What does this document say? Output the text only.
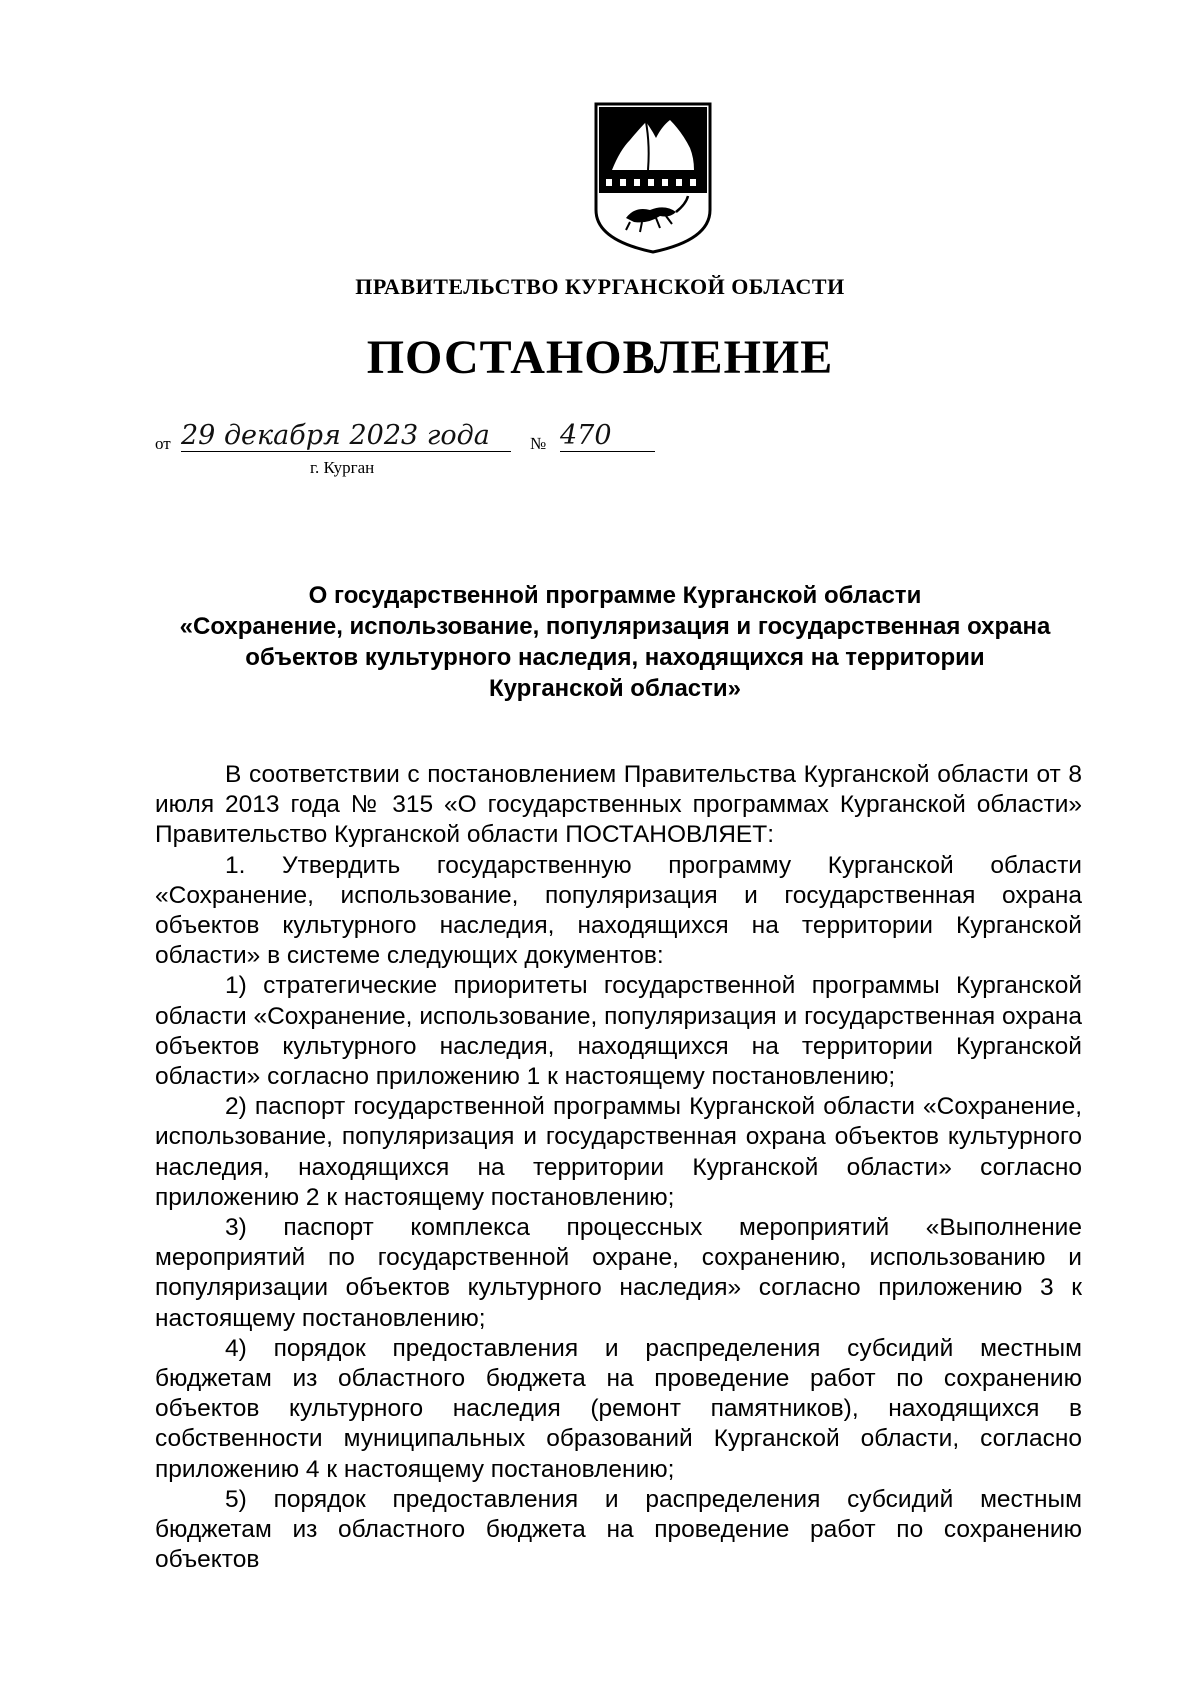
ПРАВИТЕЛЬСТВО КУРГАНСКОЙ ОБЛАСТИ
ПОСТАНОВЛЕНИЕ
от 29 декабря 2023 года	№ 470
г. Курган
О государственной программе Курганской области
«Сохранение, использование, популяризация и государственная охрана
объектов культурного наследия, находящихся на территории
Курганской области»

В соответствии с постановлением Правительства Курганской области от 8 июля 2013 года № 315 «О государственных программах Курганской области» Правительство Курганской области ПОСТАНОВЛЯЕТ:

1. Утвердить государственную программу Курганской области «Сохранение, использование, популяризация и государственная охрана объектов культурного наследия, находящихся на территории Курганской области» в системе следующих документов:

1) стратегические приоритеты государственной программы Курганской области «Сохранение, использование, популяризация и государственная охрана объектов культурного наследия, находящихся на территории Курганской области» согласно приложению 1 к настоящему постановлению;

2) паспорт государственной программы Курганской области «Сохранение, использование, популяризация и государственная охрана объектов культурного наследия, находящихся на территории Курганской области» согласно приложению 2 к настоящему постановлению;

3) паспорт комплекса процессных мероприятий «Выполнение мероприятий по государственной охране, сохранению, использованию и популяризации объектов культурного наследия» согласно приложению 3 к настоящему постановлению;

4) порядок предоставления и распределения субсидий местным бюджетам из областного бюджета на проведение работ по сохранению объектов культурного наследия (ремонт памятников), находящихся в собственности муниципальных образований Курганской области, согласно приложению 4 к настоящему постановлению;

5) порядок предоставления и распределения субсидий местным бюджетам из областного бюджета на проведение работ по сохранению объектов
